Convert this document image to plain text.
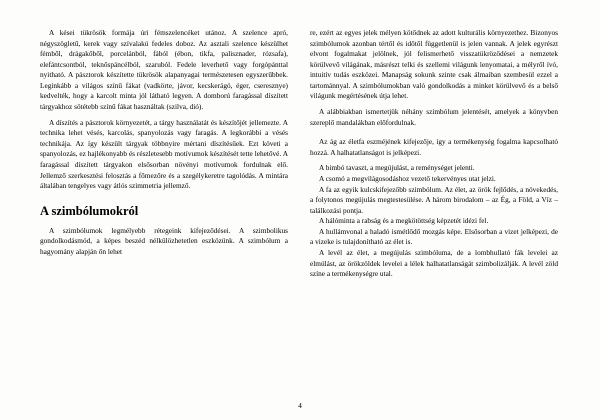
A kései tükrösök formája úri fémszelencéket utánoz. A szelence apró, négyszögletű, kerek vagy szívalakú fedeles doboz. Az asztali szelence készülhet fémből, drágakőből, porcelánból, fából (ébon, tikfa, palisznader, rózsafa), elefántcsontból, teknőspáncélból, szaruból. Fedele leverhető vagy forgópánttal nyitható. A pásztorok készítette tükrösök alapanyagai természetesen egyszerűbbek. Leginkább a világos színű fákat (vadkörte, jávor, kecskerágó, éger, cseresznye) kedvelték, hogy a karcolt minta jól látható legyen. A domború faragással díszített tárgyakhoz sötétebb színű fákat használtak (szilva, dió).

A díszítés a pásztorok környezetét, a tárgy használatát és készítőjét jellemezte. A technika lehet vésés, karcolás, spanyolozás vagy faragás. A legkorábbi a vésés technikája. Az így készült tárgyak többnyire mértani díszítésűek. Ezt követi a spanyolozás, ez hajlékonyabb és részletesebb motívumok készítését tette lehetővé. A faragással díszített tárgyakon elsősorban növényi motívumok fordulnak elő. Jellemző szerkesztési felosztás a főmezőre és a szegélykeretre tagolódás. A mintára általában tengelyes vagy átlós szimmetria jellemző.

A szimbólumokról

A szimbólumok legmélyebb rétegeink kifejeződései. A szimbolikus gondolkodásmód, a képes beszéd nélkülözhetetlen eszközünk. A szimbólum a hagyomány alapján őn lehet

re, ezért az egyes jelek mélyen kötődnek az adott kulturális környezethez. Bizonyos szimbólumok azonban tértől és időtől függetlenül is jelen vannak. A jelek egyrészt elvont fogalmakat jelölnek, jól felismerhető visszatükröződései a nemzetek körülvevő világának, másrészt telki és szellemi világunk lenyomatai, a mélyről ívó, intuitív tudás eszközei. Manapság sokunk szinte csak álmaiban szembesül ezzel a tartománnyal. A szimbólumokban való gondolkodás a minket körülvevő és a belső világunk megértésének útja lehet.

A alábbiakban ismertetjük néhány szimbólum jelentését, amelyek a könyvben szereplő mandalákban előfordulnak.

Az ág az életfa eszméjének kifejezője, így a termékenység fogalma kapcsolható hozzá. A halhatatlanságot is jelképezi.

A bimbó tavaszt, a megújulást, a reménységet jelenti.

A csomó a megvilágosodáshoz vezető tekervényes utat jelzi.

A fa az egyik kulcskifejezőbb szimbólum. Az élet, az örök fejlődés, a növekedés, a folytonos megújulás megtestesülése. A három birodalom – az Ég, a Föld, a Víz – találkozási pontja.

A hálómintа a rabság és a megkötöttség képzetét idézi fel.

A hullámvonal a haladó ismétlődő mozgás képe. Elsősorban a vizet jelképezi, de a vizeke is tulajdonítható az élet is.

A levél az élet, a megújulás szimbóluma, de a lombhullató fák levelei az elmúlást, az örökzöldek levelei a lélek halhatatlanságát szimbolizálják. A levél zöld színe a termékenységre utal.

4
